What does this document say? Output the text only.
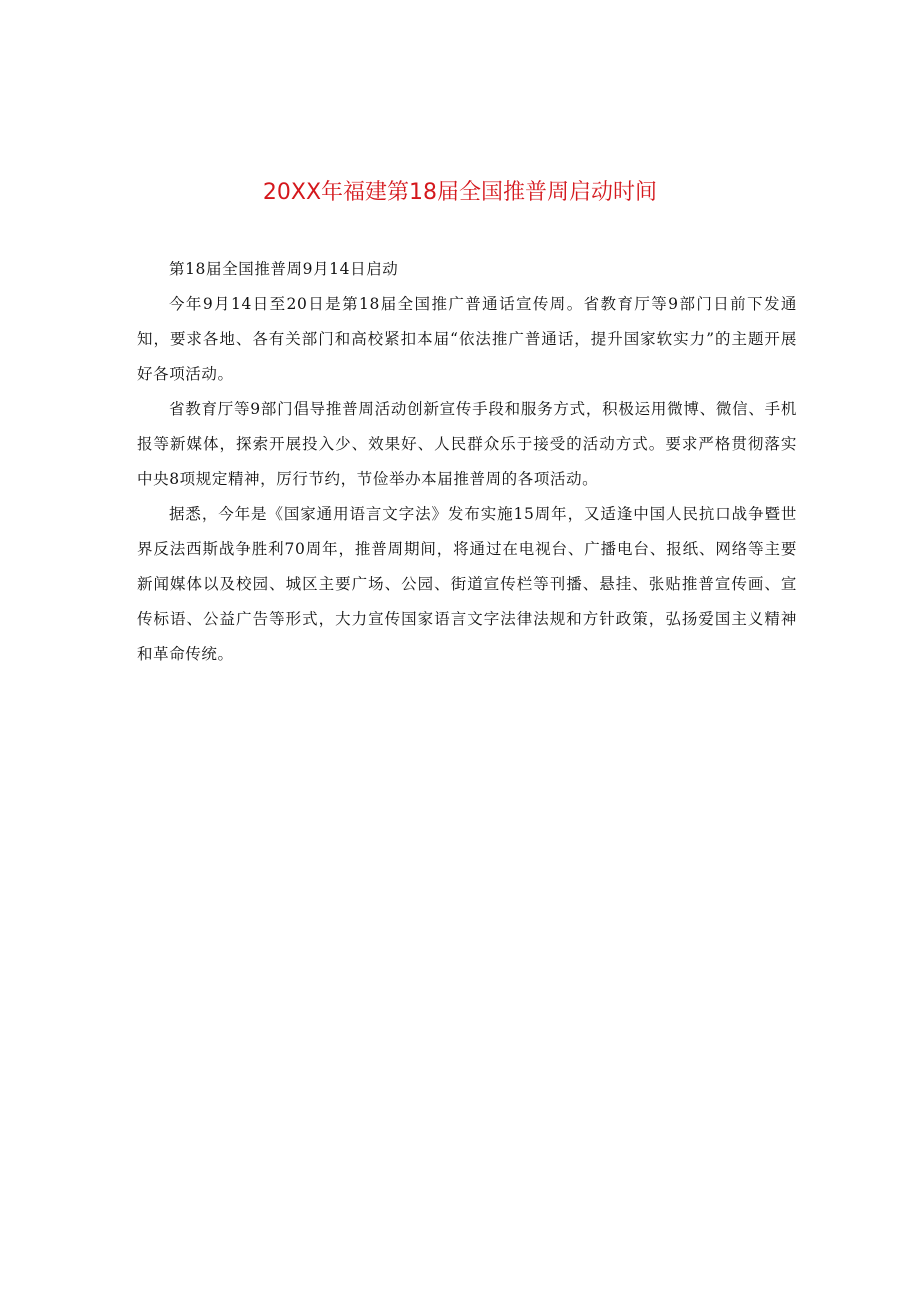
20XX年福建第18届全国推普周启动时间

第18届全国推普周9月14日启动

今年9月14日至20日是第18届全国推广普通话宣传周。省教育厅等9部门日前下发通知，要求各地、各有关部门和高校紧扣本届“依法推广普通话，提升国家软实力”的主题开展好各项活动。

省教育厅等9部门倡导推普周活动创新宣传手段和服务方式，积极运用微博、微信、手机报等新媒体，探索开展投入少、效果好、人民群众乐于接受的活动方式。要求严格贯彻落实中央8项规定精神，厉行节约，节俭举办本届推普周的各项活动。

据悉，今年是《国家通用语言文字法》发布实施15周年，又适逢中国人民抗口战争暨世界反法西斯战争胜利70周年，推普周期间，将通过在电视台、广播电台、报纸、网络等主要新闻媒体以及校园、城区主要广场、公园、街道宣传栏等刊播、悬挂、张贴推普宣传画、宣传标语、公益广告等形式，大力宣传国家语言文字法律法规和方针政策，弘扬爱国主义精神和革命传统。
